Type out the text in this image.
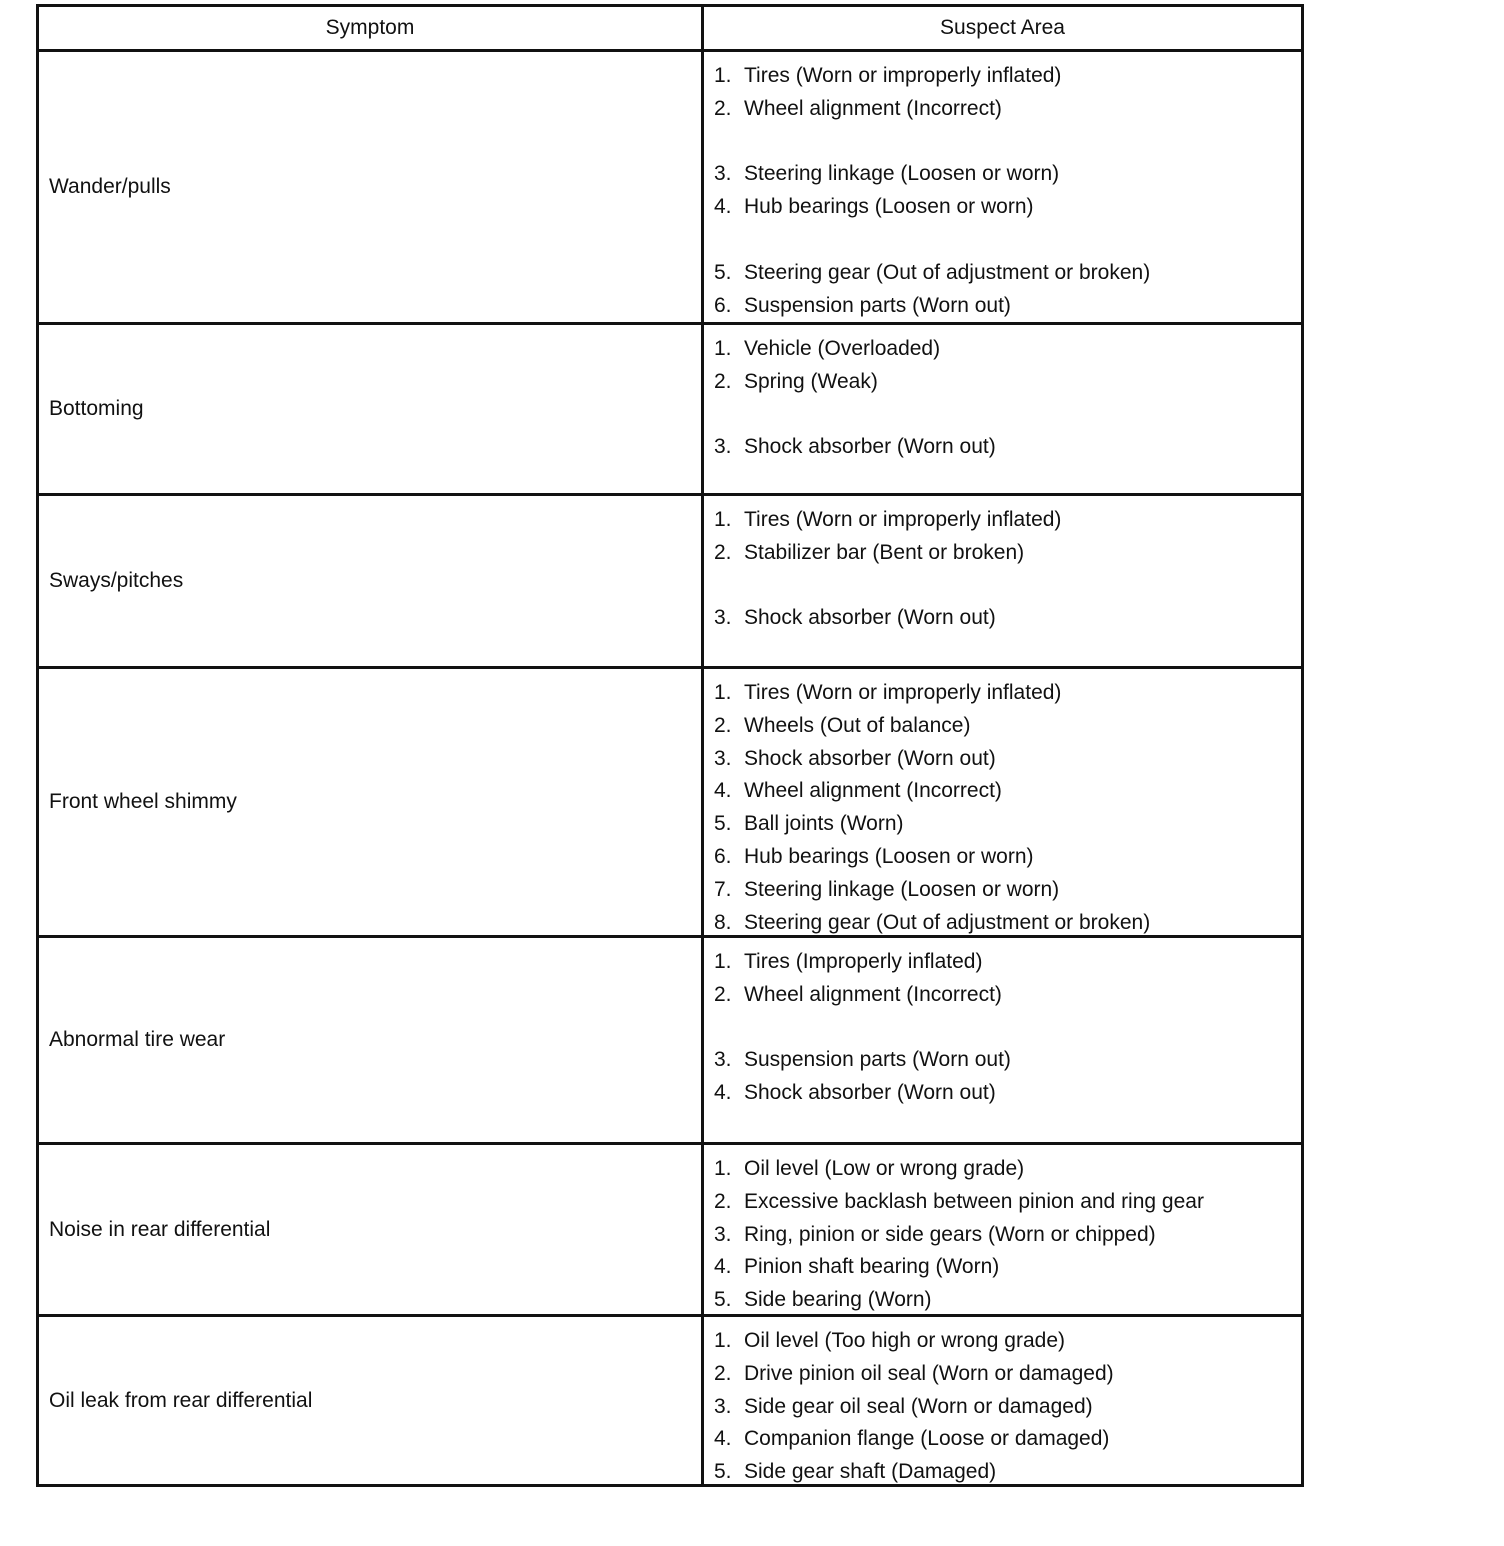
Symptom	Suspect Area
Wander/pulls
1. Tires (Worn or improperly inflated)
2. Wheel alignment (Incorrect)
3. Steering linkage (Loosen or worn)
4. Hub bearings (Loosen or worn)
5. Steering gear (Out of adjustment or broken)
6. Suspension parts (Worn out)
Bottoming
1. Vehicle (Overloaded)
2. Spring (Weak)
3. Shock absorber (Worn out)
Sways/pitches
1. Tires (Worn or improperly inflated)
2. Stabilizer bar (Bent or broken)
3. Shock absorber (Worn out)
Front wheel shimmy
1. Tires (Worn or improperly inflated)
2. Wheels (Out of balance)
3. Shock absorber (Worn out)
4. Wheel alignment (Incorrect)
5. Ball joints (Worn)
6. Hub bearings (Loosen or worn)
7. Steering linkage (Loosen or worn)
8. Steering gear (Out of adjustment or broken)
Abnormal tire wear
1. Tires (Improperly inflated)
2. Wheel alignment (Incorrect)
3. Suspension parts (Worn out)
4. Shock absorber (Worn out)
Noise in rear differential
1. Oil level (Low or wrong grade)
2. Excessive backlash between pinion and ring gear
3. Ring, pinion or side gears (Worn or chipped)
4. Pinion shaft bearing (Worn)
5. Side bearing (Worn)
Oil leak from rear differential
1. Oil level (Too high or wrong grade)
2. Drive pinion oil seal (Worn or damaged)
3. Side gear oil seal (Worn or damaged)
4. Companion flange (Loose or damaged)
5. Side gear shaft (Damaged)
